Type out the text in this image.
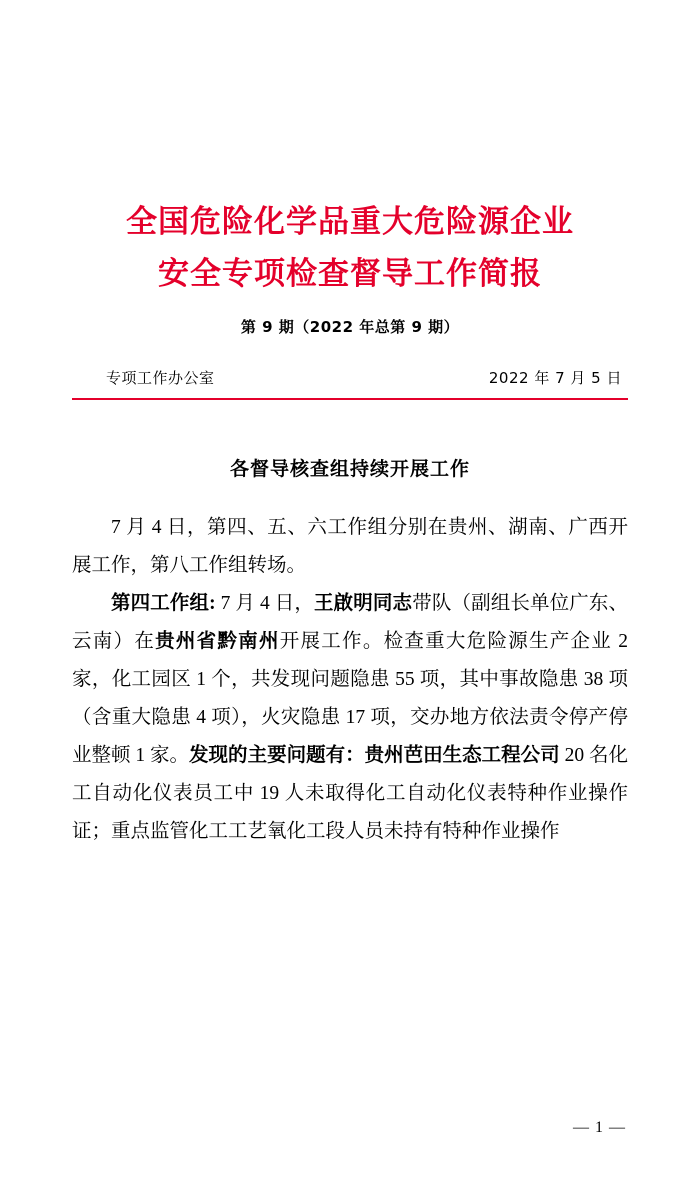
全国危险化学品重大危险源企业
安全专项检查督导工作简报
第 9 期（2022 年总第 9 期）
专项工作办公室	2022 年 7 月 5 日
各督导核查组持续开展工作

7 月 4 日，第四、五、六工作组分别在贵州、湖南、广西开展工作，第八工作组转场。

第四工作组: 7 月 4 日，王啟明同志带队（副组长单位广东、云南）在贵州省黔南州开展工作。检查重大危险源生产企业 2 家，化工园区 1 个，共发现问题隐患 55 项，其中事故隐患 38 项（含重大隐患 4 项），火灾隐患 17 项，交办地方依法责令停产停业整顿 1 家。发现的主要问题有：贵州芭田生态工程公司 20 名化工自动化仪表员工中 19 人未取得化工自动化仪表特种作业操作证；重点监管化工工艺氧化工段人员未持有特种作业操作

— 1 —
